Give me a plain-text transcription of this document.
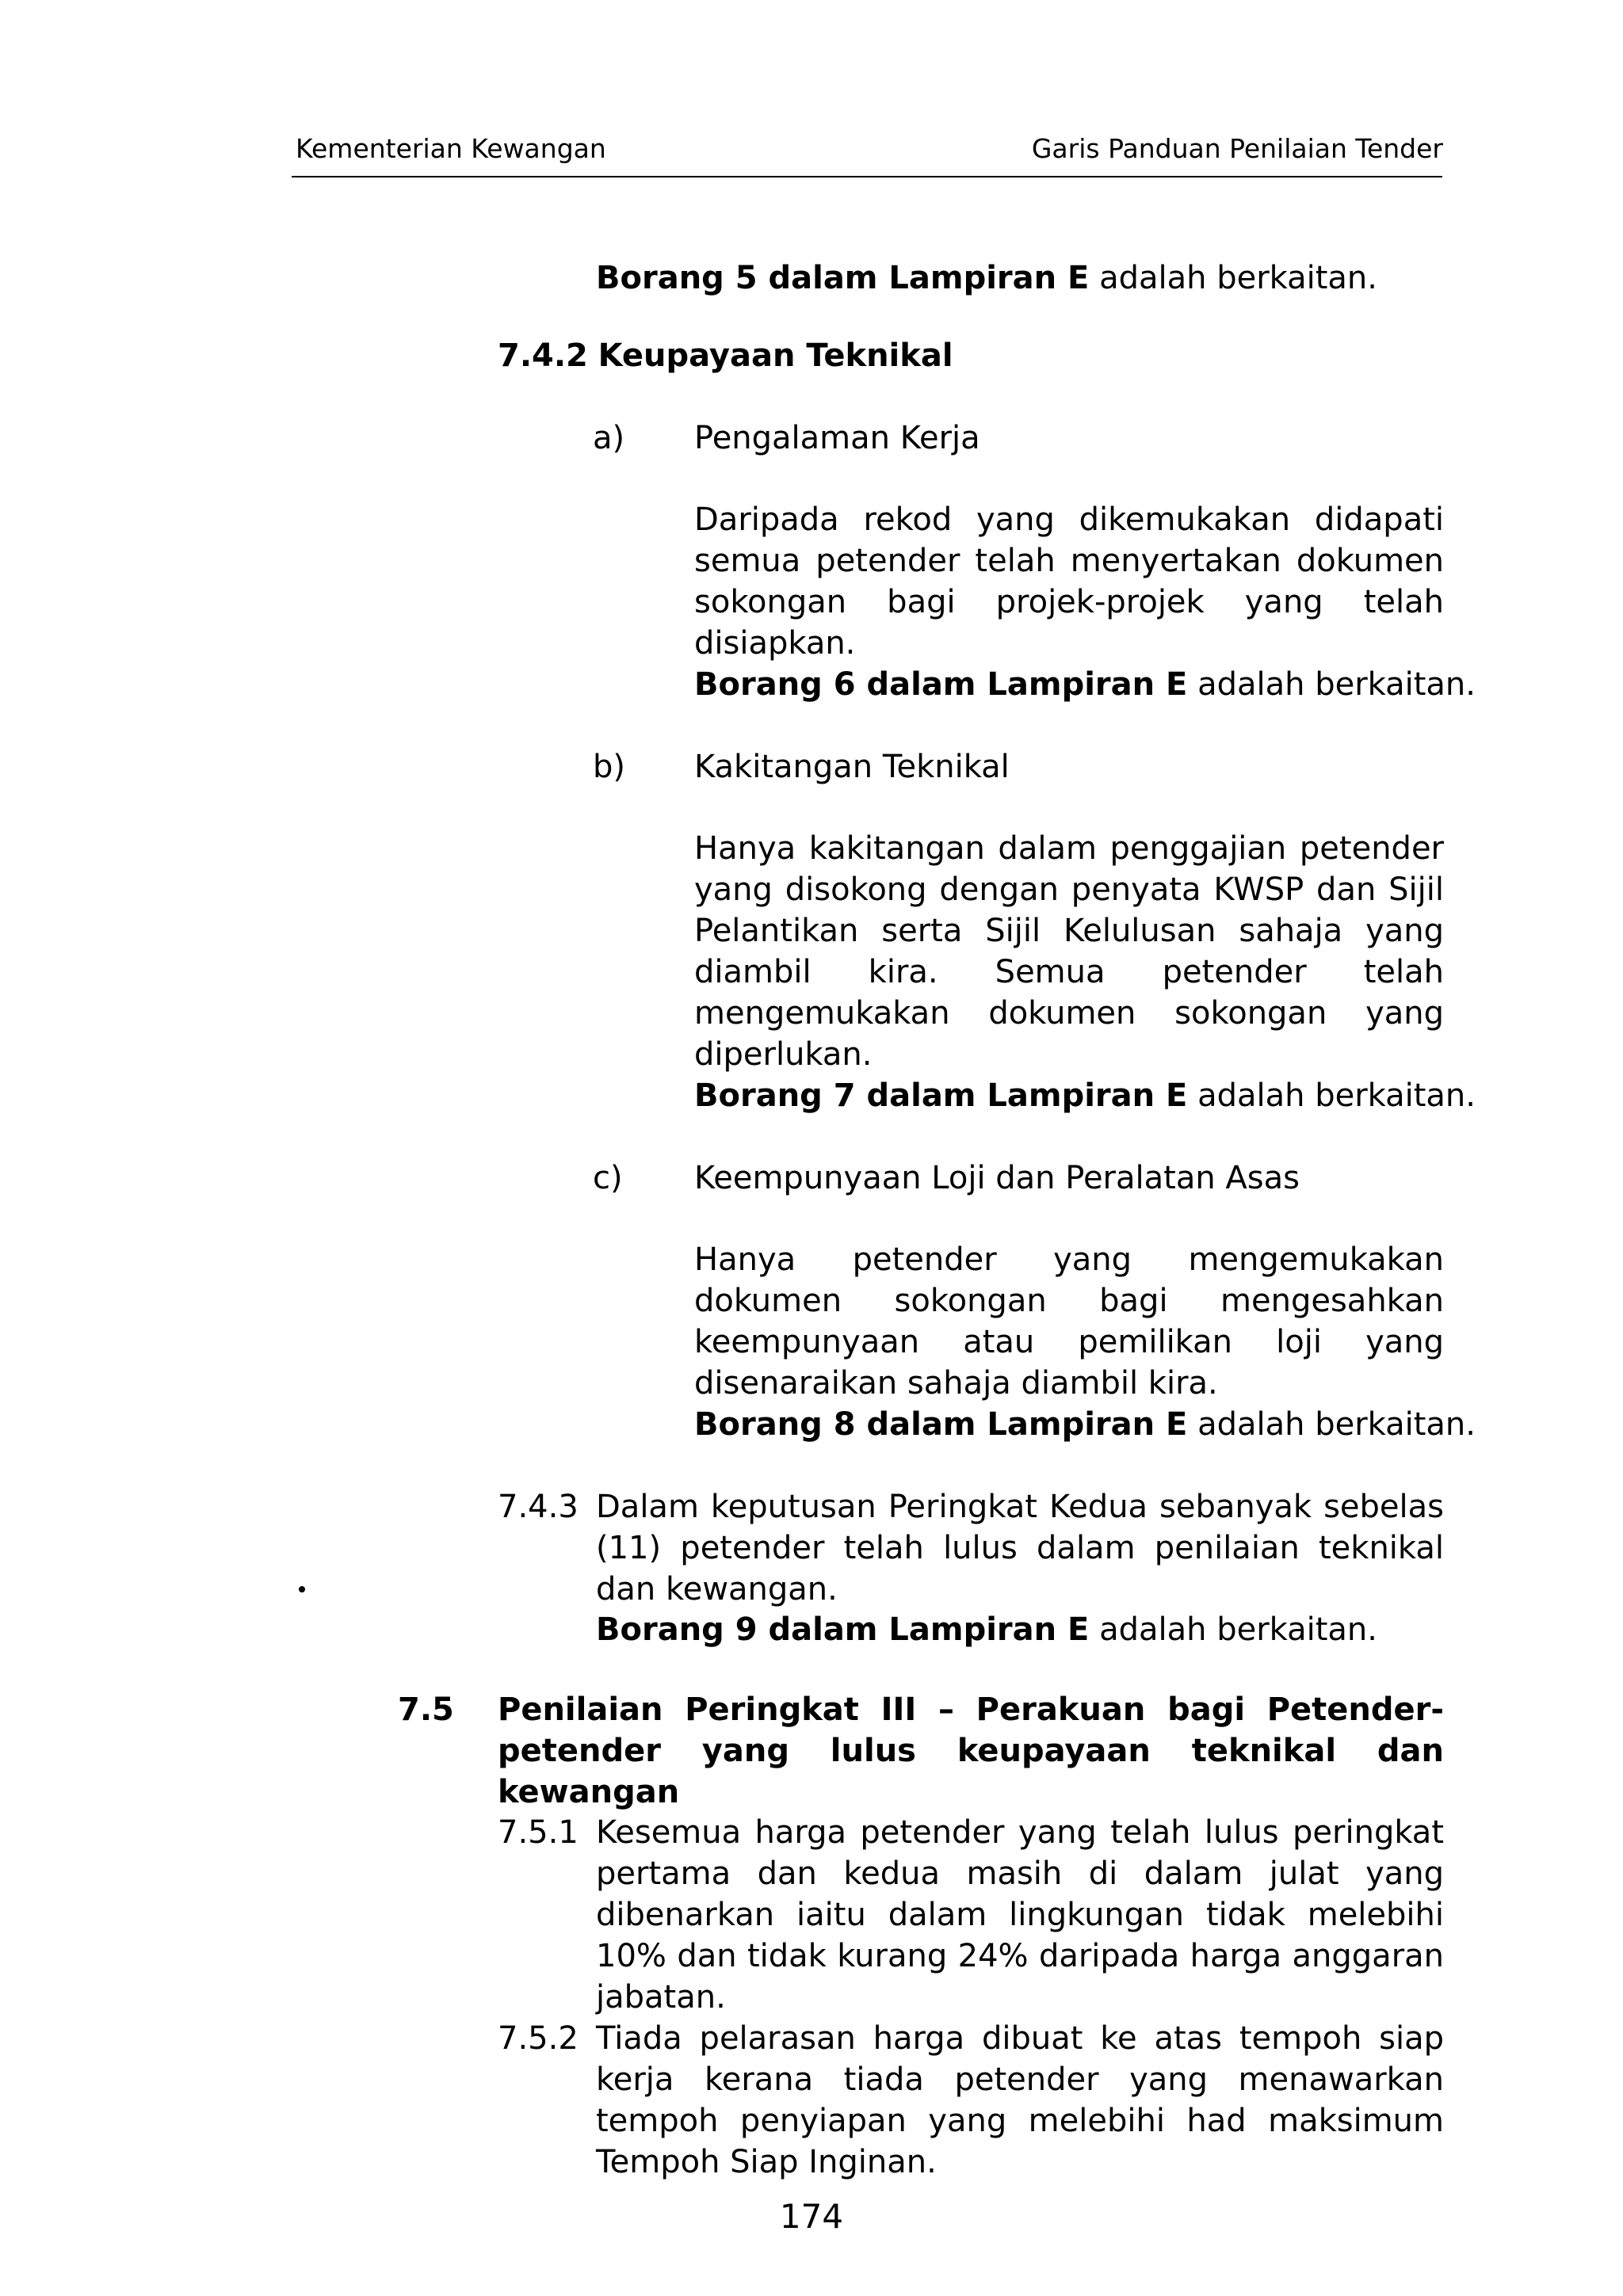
Kementerian Kewangan	Garis Panduan Penilaian Tender
Borang 5 dalam Lampiran E adalah berkaitan.
7.4.2 Keupayaan Teknikal
a) Pengalaman Kerja
Daripada rekod yang dikemukakan didapati semua petender telah menyertakan dokumen sokongan bagi projek-projek yang telah disiapkan.
Borang 6 dalam Lampiran E adalah berkaitan.
b) Kakitangan Teknikal
Hanya kakitangan dalam penggajian petender yang disokong dengan penyata KWSP dan Sijil Pelantikan serta Sijil Kelulusan sahaja yang diambil kira. Semua petender telah mengemukakan dokumen sokongan yang diperlukan.
Borang 7 dalam Lampiran E adalah berkaitan.
c) Keempunyaan Loji dan Peralatan Asas
Hanya petender yang mengemukakan dokumen sokongan bagi mengesahkan keempunyaan atau pemilikan loji yang disenaraikan sahaja diambil kira.
Borang 8 dalam Lampiran E adalah berkaitan.
7.4.3 Dalam keputusan Peringkat Kedua sebanyak sebelas (11) petender telah lulus dalam penilaian teknikal dan kewangan.
Borang 9 dalam Lampiran E adalah berkaitan.
7.5 Penilaian Peringkat III – Perakuan bagi Petender-petender yang lulus keupayaan teknikal dan kewangan
7.5.1 Kesemua harga petender yang telah lulus peringkat pertama dan kedua masih di dalam julat yang dibenarkan iaitu dalam lingkungan tidak melebihi 10% dan tidak kurang 24% daripada harga anggaran jabatan.
7.5.2 Tiada pelarasan harga dibuat ke atas tempoh siap kerja kerana tiada petender yang menawarkan tempoh penyiapan yang melebihi had maksimum Tempoh Siap Inginan.
174
